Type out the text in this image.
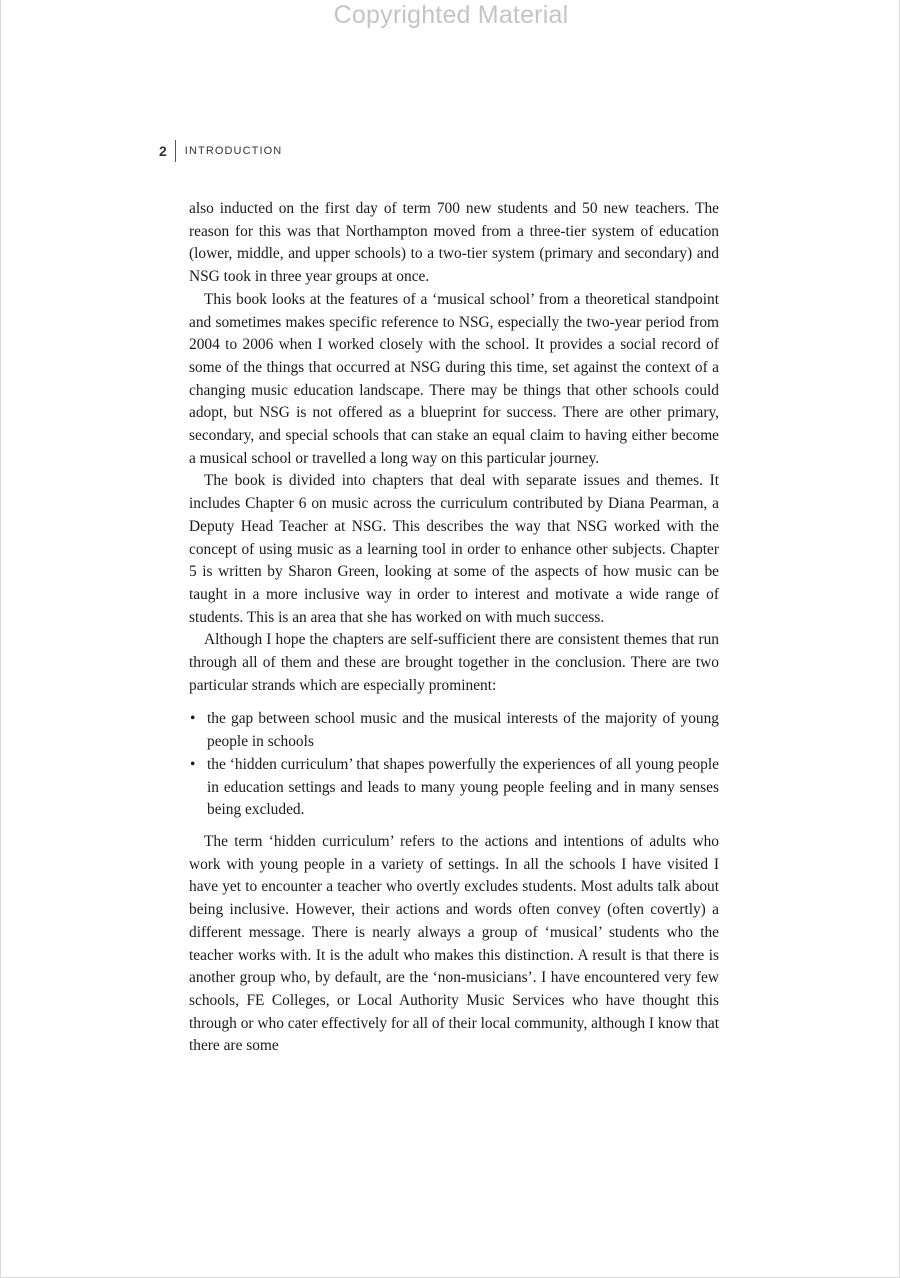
Copyrighted Material
2 INTRODUCTION

also inducted on the first day of term 700 new students and 50 new teachers. The reason for this was that Northampton moved from a three-tier system of education (lower, middle, and upper schools) to a two-tier system (primary and secondary) and NSG took in three year groups at once.

This book looks at the features of a ‘musical school’ from a theoretical standpoint and sometimes makes specific reference to NSG, especially the two-year period from 2004 to 2006 when I worked closely with the school. It provides a social record of some of the things that occurred at NSG during this time, set against the context of a changing music education landscape. There may be things that other schools could adopt, but NSG is not offered as a blueprint for success. There are other primary, secondary, and special schools that can stake an equal claim to having either become a musical school or travelled a long way on this particular journey.

The book is divided into chapters that deal with separate issues and themes. It includes Chapter 6 on music across the curriculum contributed by Diana Pearman, a Deputy Head Teacher at NSG. This describes the way that NSG worked with the concept of using music as a learning tool in order to enhance other subjects. Chapter 5 is written by Sharon Green, looking at some of the aspects of how music can be taught in a more inclusive way in order to interest and motivate a wide range of students. This is an area that she has worked on with much success.

Although I hope the chapters are self-sufficient there are consistent themes that run through all of them and these are brought together in the conclusion. There are two particular strands which are especially prominent:

• the gap between school music and the musical interests of the majority of young people in schools
• the ‘hidden curriculum’ that shapes powerfully the experiences of all young people in education settings and leads to many young people feeling and in many senses being excluded.

The term ‘hidden curriculum’ refers to the actions and intentions of adults who work with young people in a variety of settings. In all the schools I have visited I have yet to encounter a teacher who overtly excludes students. Most adults talk about being inclusive. However, their actions and words often convey (often covertly) a different message. There is nearly always a group of ‘musical’ students who the teacher works with. It is the adult who makes this distinction. A result is that there is another group who, by default, are the ‘non-musicians’. I have encountered very few schools, FE Colleges, or Local Authority Music Services who have thought this through or who cater effectively for all of their local community, although I know that there are some
